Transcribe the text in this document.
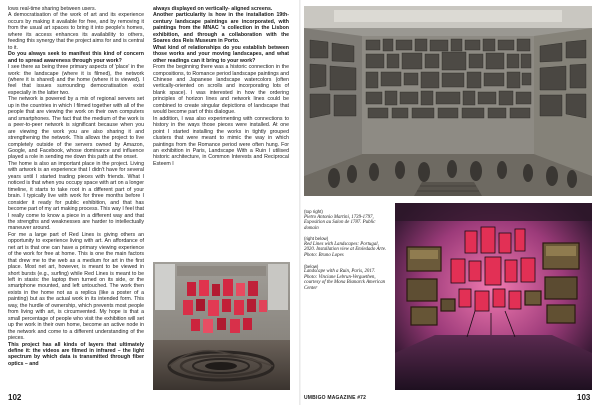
lows real-time sharing between users.

A democratisation of the work of art and its experience occurs by making it available for free, and by removing it from the usual art spaces to bring it into people's homes, where its access enhances its availability to others, feeding this synergy that the project aims for and is central to it.

Do you always seek to manifest this kind of concern and to spread awareness through your work?

I see there as being three primary aspects of 'place' in the work: the landscape (where it is filmed), the network (where it is shared) and the home (where it is viewed). I feel that issues surrounding democratisation exist especially in the latter two.

The network is powered by a mix of regional servers set up in the countries in which I filmed together with all of the people that are viewing the work on their own computers and smartphones. The fact that the medium of the work is a peer-to-peer network is significant because when you are viewing the work you are also sharing it and strengthening the network. This allows the project to live completely outside of the servers owned by Amazon, Google, and Facebook, whose dominance and influence played a role in sending me down this path at the onset.

The home is also an important place in the project. Living with artwork is an experience that I didn't have for several years until I started trading pieces with friends. What I noticed is that when you occupy space with art on a longer timeline, it starts to take root in a different part of your brain. I typically live with work for three months before I consider it ready for public exhibition, and that has become part of my art making process. This way I feel that I really come to know a piece in a different way and that the strengths and weaknesses are harder to intellectually maneuver around.

For me a large part of Red Lines is giving others an opportunity to experience living with art. An affordance of net art is that one can have a primary viewing experience of the work for free at home. This is one the main factors that drew me to the web as a medium for art in the first place. Most net art, however, is meant to be viewed in short bursts (e.g., surfing) while Red Lines is meant to be left in stasis: the laptop then turned on its side, or the smartphone mounted, and left untouched. The work then exists in the home not as a replica (like a poster of a painting) but as the actual work in its intended form. This way, the hurdle of ownership, which prevents most people from living with art, is circumvented. My hope is that a small percentage of people who visit the exhibition will set up the work in their own home, become an active node in the network and come to a different understanding of the pieces.

This project has all kinds of layers that ultimately define it: the videos are filmed in infrared – the light spectrum by which data is transmitted through fiber optics – and

always displayed on vertically- aligned screens.

Another particularity is how in the installation 19th-century landscape paintings are incorporated, with paintings from the MNAC 's collection in the Lisbon exhibition, and through a collaboration with the Soares dos Reis Museum in Porto.

What kind of relationships do you establish between those works and your moving landscapes, and what other readings can it bring to your work?

From the beginning there was a historic connection in the compositions, to Romance period landscape paintings and Chinese and Japanese landscape watercolors (often vertically-oriented on scrolls and incorporating lots of blank space). I was interested in how the ordering principles of horizon lines and network lines could be combined to create singular depictions of landscape that would become part of this dialogue.

In addition, I was also experimenting with connections to history in the ways those pieces were installed. At one point I started installing the works in tightly grouped clusters that were meant to mimic the way in which paintings from the Romance period were often hung. For an exhibition in Paris, Landscape With a Ruin I utilised historic architecture, in Common Interests and Reciprocal Esteem I

(top right)
Pietro Antonio Martini, 1739-1797, Exposition au Salon de 1787. Public domain
(right below)
Red Lines with Landscapes: Portugal, 2020. Installation view at Etoledado Arte. Photo: Bruno Lopes
(below)
Landscape with a Ruin, Paris, 2017. Photo: Vinciane Lebrun-Verguethen, courtesy of the Mona Bismarck American Center
102	UMBIGO MAGAZINE #72	103
